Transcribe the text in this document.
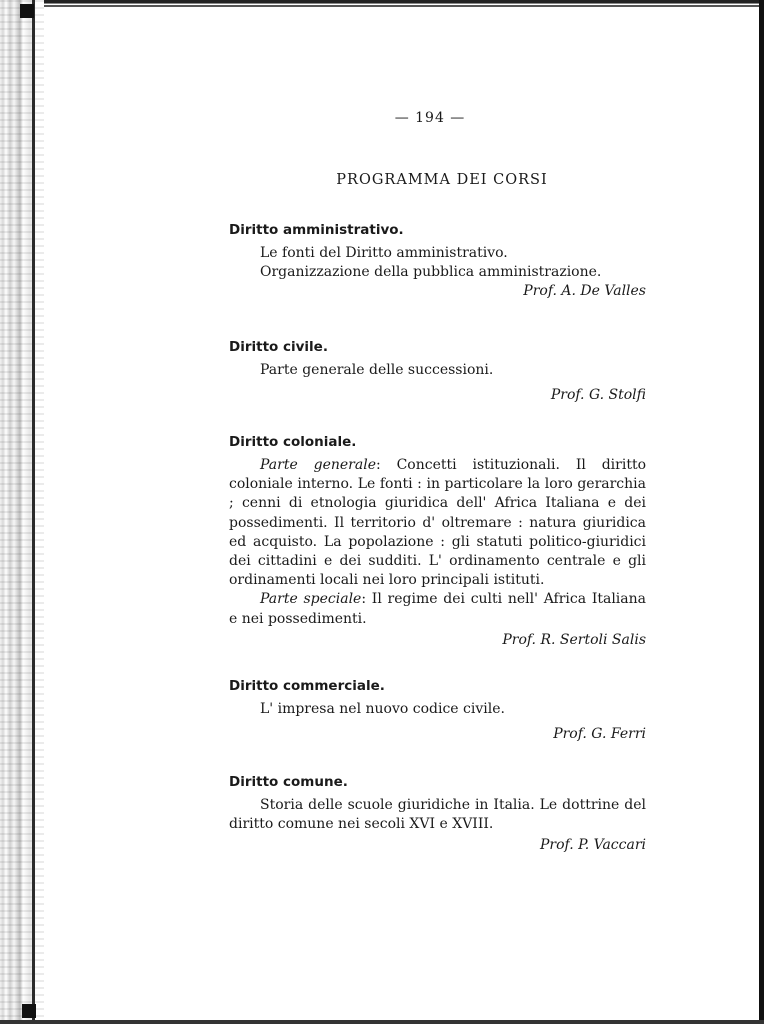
— 194 —
PROGRAMMA DEI CORSI
Diritto amministrativo.

Le fonti del Diritto amministrativo.
Organizzazione della pubblica amministrazione.

Prof. A. De Valles

Diritto civile.

Parte generale delle successioni.

Prof. G. Stolfi

Diritto coloniale.

Parte generale: Concetti istituzionali. Il diritto coloniale interno. Le fonti : in particolare la loro gerarchia ; cenni di etnologia giuridica dell' Africa Italiana e dei possedimenti. Il territorio d' oltremare : natura giuridica ed acquisto. La popolazione : gli statuti politico-giuridici dei cittadini e dei sudditi. L' ordinamento centrale e gli ordinamenti locali nei loro principali istituti.

Parte speciale: Il regime dei culti nell' Africa Italiana e nei possedimenti.

Prof. R. Sertoli Salis

Diritto commerciale.

L' impresa nel nuovo codice civile.

Prof. G. Ferri

Diritto comune.

Storia delle scuole giuridiche in Italia. Le dottrine del diritto comune nei secoli XVI e XVIII.

Prof. P. Vaccari
